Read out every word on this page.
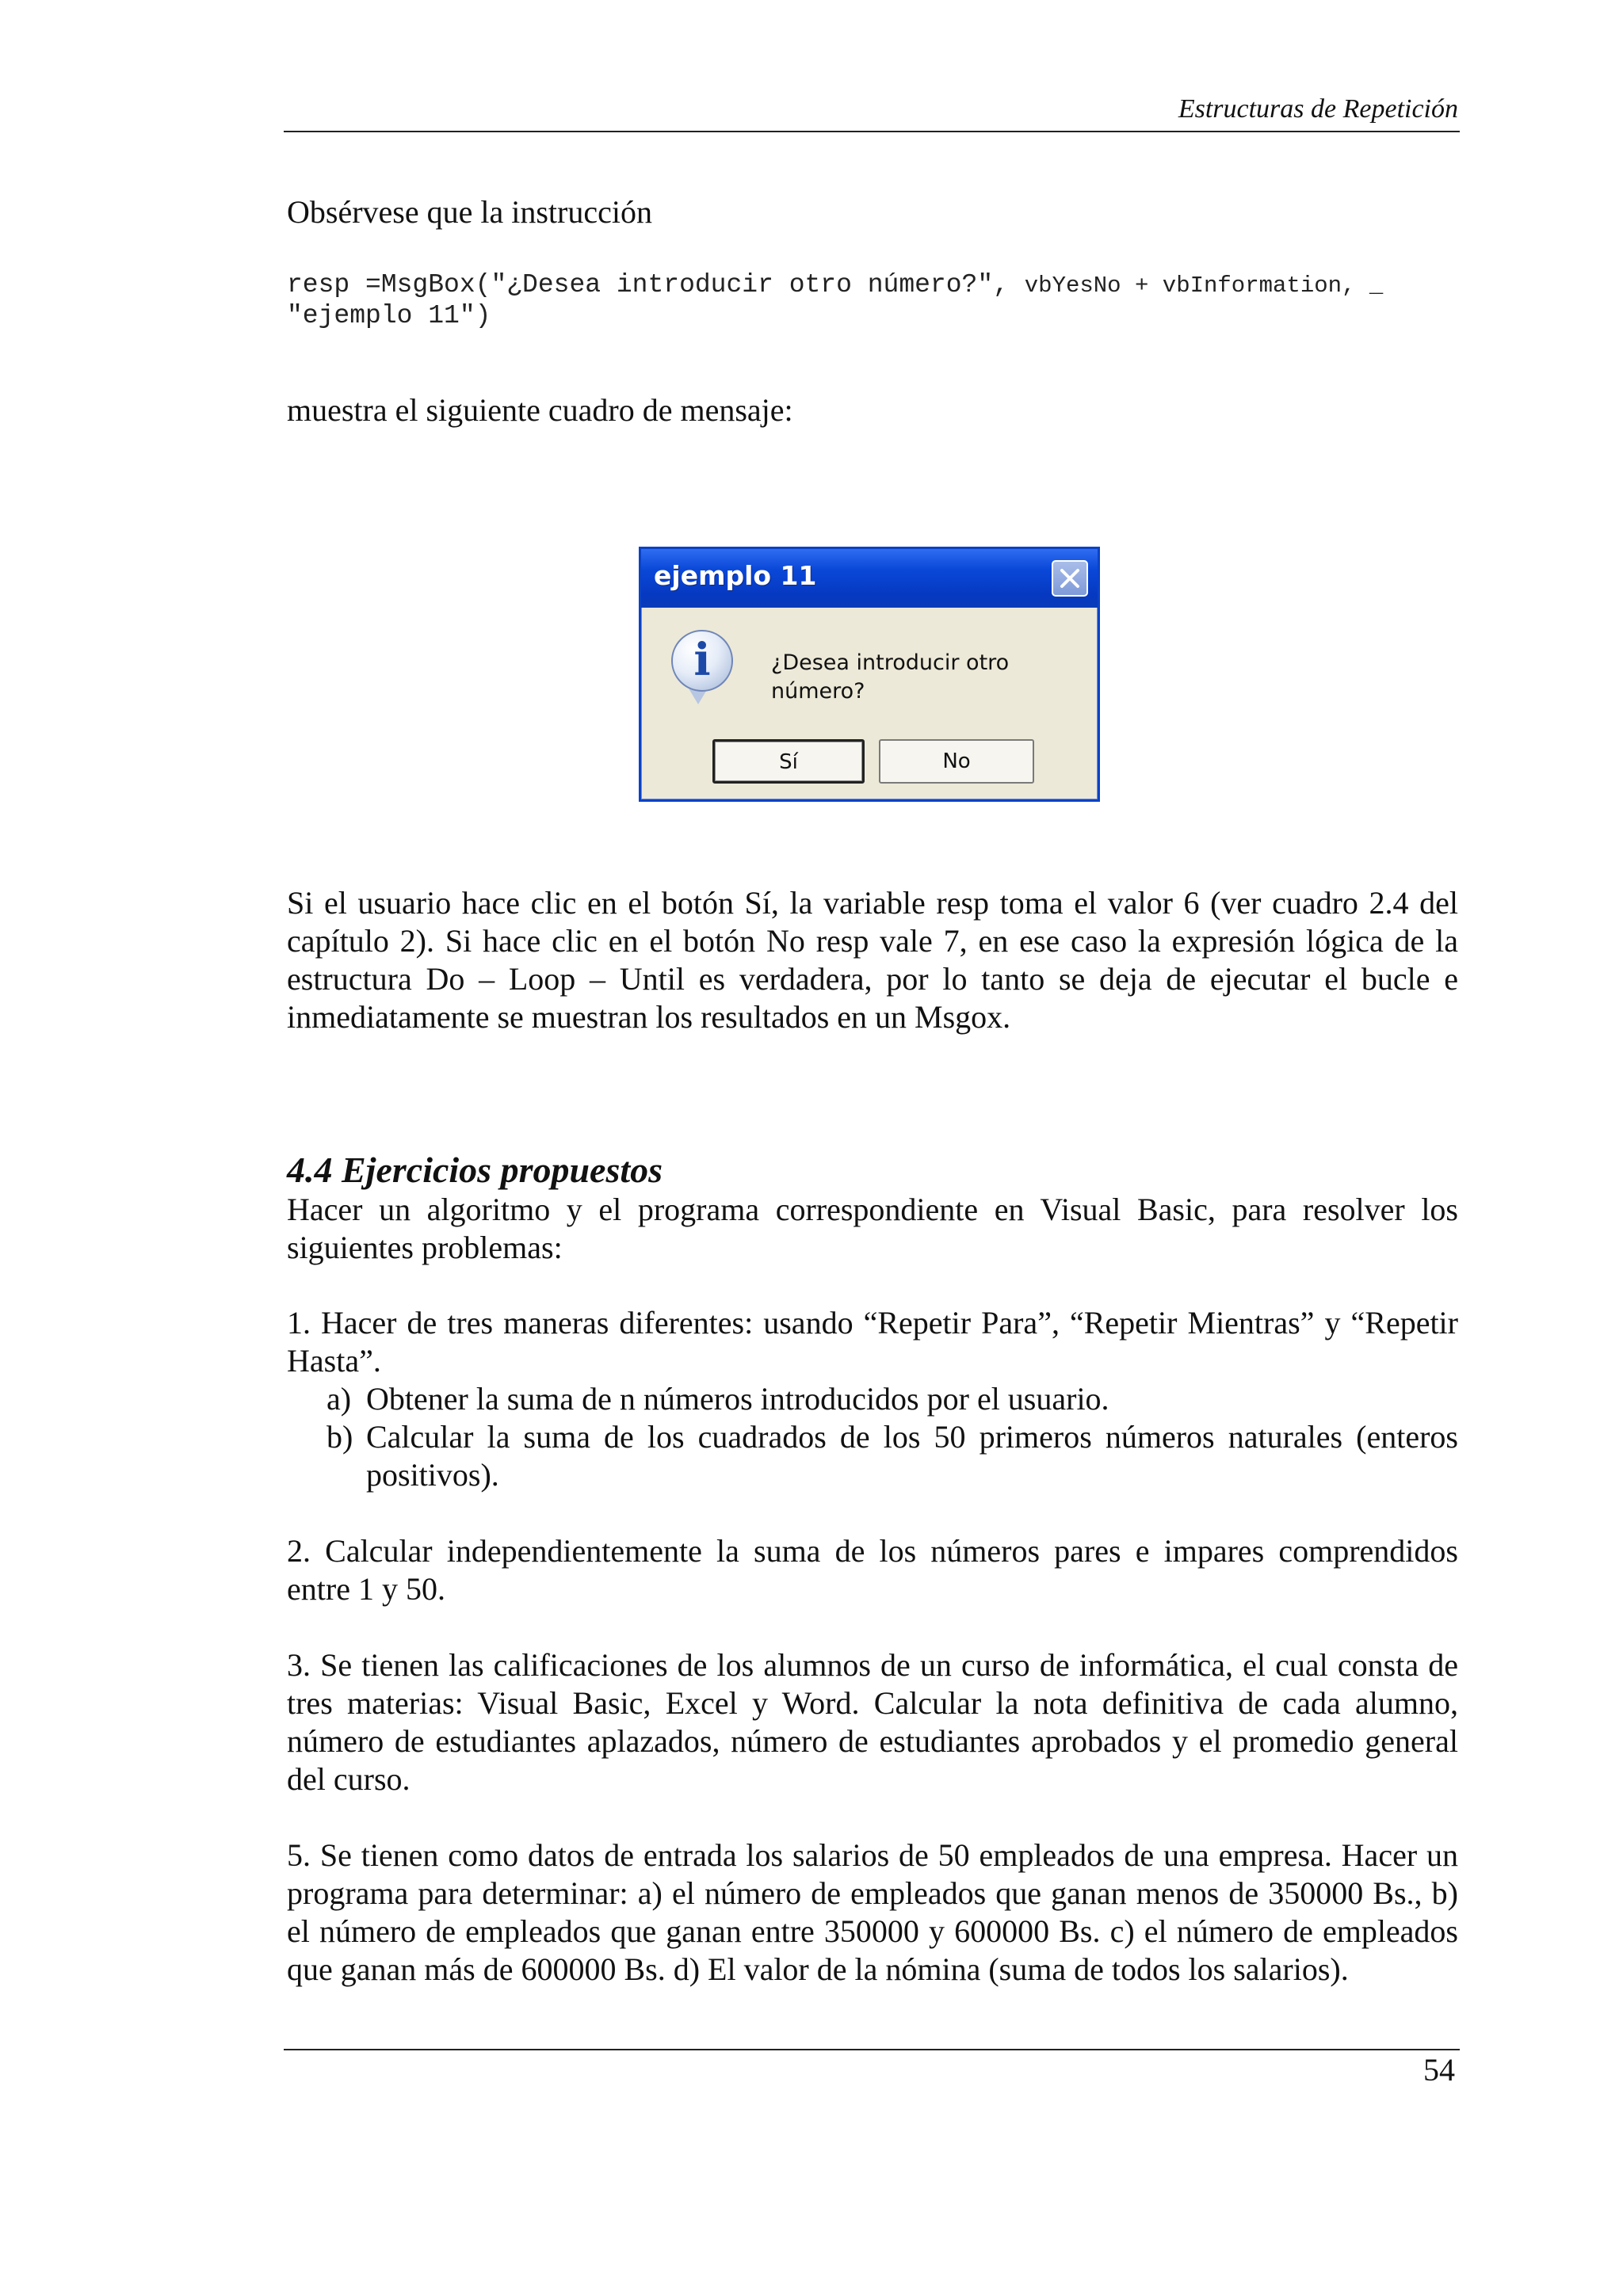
Estructuras de Repetición

Obsérvese que la instrucción

resp =MsgBox("¿Desea introducir otro número?", vbYesNo + vbInformation, _
"ejemplo 11")

muestra el siguiente cuadro de mensaje:

ejemplo 11
i	¿Desea introducir otro número?
Sí	No

Si el usuario hace clic en el botón Sí, la variable resp toma el valor 6 (ver cuadro 2.4 del capítulo 2). Si hace clic en el botón No resp vale 7, en ese caso la expresión lógica de la estructura Do – Loop – Until es verdadera, por lo tanto se deja de ejecutar el bucle e inmediatamente se muestran los resultados en un Msgox.

4.4 Ejercicios propuestos

Hacer un algoritmo y el programa correspondiente en Visual Basic, para resolver los siguientes problemas:

1. Hacer de tres maneras diferentes: usando “Repetir Para”, “Repetir Mientras” y “Repetir Hasta”.

a) Obtener la suma de n números introducidos por el usuario.
b) Calcular la suma de los cuadrados de los 50 primeros números naturales (enteros positivos).

2. Calcular independientemente la suma de los números pares e impares comprendidos entre 1 y 50.

3. Se tienen las calificaciones de los alumnos de un curso de informática, el cual consta de tres materias: Visual Basic, Excel y Word. Calcular la nota definitiva de cada alumno, número de estudiantes aplazados, número de estudiantes aprobados y el promedio general del curso.

5. Se tienen como datos de entrada los salarios de 50 empleados de una empresa. Hacer un programa para determinar: a) el número de empleados que ganan menos de 350000 Bs., b) el número de empleados que ganan entre 350000 y 600000 Bs. c) el número de empleados que ganan más de 600000 Bs. d) El valor de la nómina (suma de todos los salarios).

54
